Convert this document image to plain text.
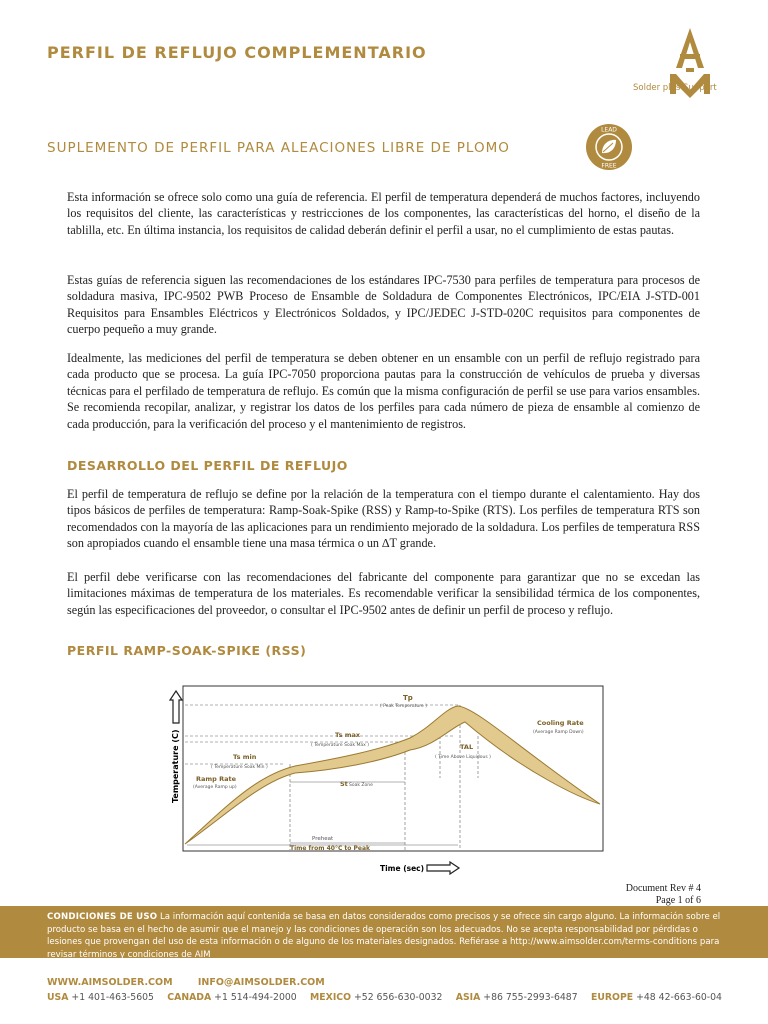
PERFIL DE REFLUJO COMPLEMENTARIO
Solder plus Support
SUPLEMENTO DE PERFIL PARA ALEACIONES LIBRE DE PLOMO
LEAD
FREE

Esta información se ofrece solo como una guía de referencia. El perfil de temperatura dependerá de muchos factores, incluyendo los requisitos del cliente, las características y restricciones de los componentes, las características del horno, el diseño de la tablilla, etc. En última instancia, los requisitos de calidad deberán definir el perfil a usar, no el cumplimiento de estas pautas.

Estas guías de referencia siguen las recomendaciones de los estándares IPC-7530 para perfiles de temperatura para procesos de soldadura masiva, IPC-9502 PWB Proceso de Ensamble de Soldadura de Componentes Electrónicos, IPC/EIA J-STD-001 Requisitos para Ensambles Eléctricos y Electrónicos Soldados, y IPC/JEDEC J-STD-020C requisitos para componentes de cuerpo pequeño a muy grande.

Idealmente, las mediciones del perfil de temperatura se deben obtener en un ensamble con un perfil de reflujo registrado para cada producto que se procesa. La guía IPC-7050 proporciona pautas para la construcción de vehículos de prueba y diversas técnicas para el perfilado de temperatura de reflujo. Es común que la misma configuración de perfil se use para varios ensambles. Se recomienda recopilar, analizar, y registrar los datos de los perfiles para cada número de pieza de ensamble al comienzo de cada producción, para la verificación del proceso y el mantenimiento de registros.

DESARROLLO DEL PERFIL DE REFLUJO

El perfil de temperatura de reflujo se define por la relación de la temperatura con el tiempo durante el calentamiento. Hay dos tipos básicos de perfiles de temperatura: Ramp-Soak-Spike (RSS) y Ramp-to-Spike (RTS). Los perfiles de temperatura RTS son recomendados con la mayoría de las aplicaciones para un rendimiento mejorado de la soldadura. Los perfiles de temperatura RSS son apropiados cuando el ensamble tiene una masa térmica o un ∆T grande.

El perfil debe verificarse con las recomendaciones del fabricante del componente para garantizar que no se excedan las limitaciones máximas de temperatura de los materiales. Es recomendable verificar la sensibilidad térmica de los componentes, según las especificaciones del proveedor, o consultar el IPC-9502 antes de definir un perfil de proceso y reflujo.

PERFIL RAMP-SOAK-SPIKE (RSS)
Temperature (C)
Tp
( Peak Temperature )
Ts max
( Temperature Soak Max )
Ts min
( Temperature Soak Min )
St Soak Zone
TAL
( Time Above Liquidous )
Ramp Rate
(Average Ramp up)
Cooling Rate
(Average Ramp Down)
Preheat
Time from 40°C to Peak
Time (sec)
Document Rev # 4
Page 1 of 6
CONDICIONES DE USO La información aquí contenida se basa en datos considerados como precisos y se ofrece sin cargo alguno. La información sobre el producto se basa en el hecho de asumir que el manejo y las condiciones de operación son los adecuados. No se acepta responsabilidad por pérdidas o lesiones que provengan del uso de esta información o de alguno de los materiales designados. Refiérase a http://www.aimsolder.com/terms-conditions para revisar términos y condiciones de AIM
WWW.AIMSOLDER.COM	INFO@AIMSOLDER.COM
USA +1 401-463-5605 CANADA +1 514-494-2000 MEXICO +52 656-630-0032 ASIA +86 755-2993-6487 EUROPE +48 42-663-60-04
